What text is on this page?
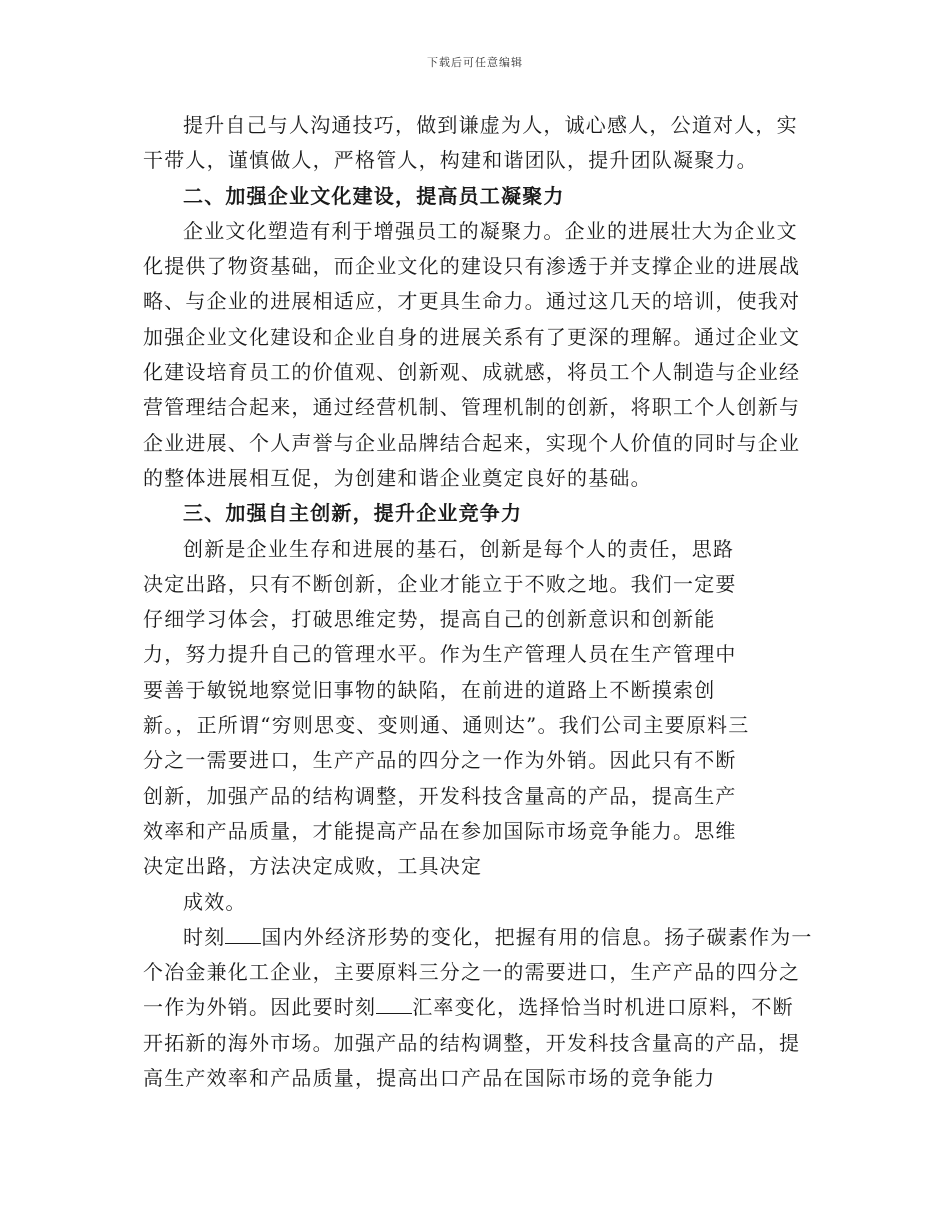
下载后可任意编辑

提升自己与人沟通技巧，做到谦虚为人，诚心感人，公道对人，实干带人，谨慎做人，严格管人，构建和谐团队，提升团队凝聚力。

二、加强企业文化建设，提高员工凝聚力

企业文化塑造有利于增强员工的凝聚力。企业的进展壮大为企业文化提供了物资基础，而企业文化的建设只有渗透于并支撑企业的进展战略、与企业的进展相适应，才更具生命力。通过这几天的培训，使我对加强企业文化建设和企业自身的进展关系有了更深的理解。通过企业文化建设培育员工的价值观、创新观、成就感，将员工个人制造与企业经营管理结合起来，通过经营机制、管理机制的创新，将职工个人创新与企业进展、个人声誉与企业品牌结合起来，实现个人价值的同时与企业的整体进展相互促，为创建和谐企业奠定良好的基础。

三、加强自主创新，提升企业竞争力

创新是企业生存和进展的基石，创新是每个人的责任，思路决定出路，只有不断创新，企业才能立于不败之地。我们一定要仔细学习体会，打破思维定势，提高自己的创新意识和创新能力，努力提升自己的管理水平。作为生产管理人员在生产管理中要善于敏锐地察觉旧事物的缺陷，在前进的道路上不断摸索创新。，正所谓“穷则思变、变则通、通则达”。我们公司主要原料三分之一需要进口，生产产品的四分之一作为外销。因此只有不断创新，加强产品的结构调整，开发科技含量高的产品，提高生产效率和产品质量，才能提高产品在参加国际市场竞争能力。思维决定出路，方法决定成败，工具决定

成效。

时刻 国内外经济形势的变化，把握有用的信息。扬子碳素作为一个冶金兼化工企业，主要原料三分之一的需要进口，生产产品的四分之一作为外销。因此要时刻 汇率变化，选择恰当时机进口原料，不断开拓新的海外市场。加强产品的结构调整，开发科技含量高的产品，提高生产效率和产品质量，提高出口产品在国际市场的竞争能力
